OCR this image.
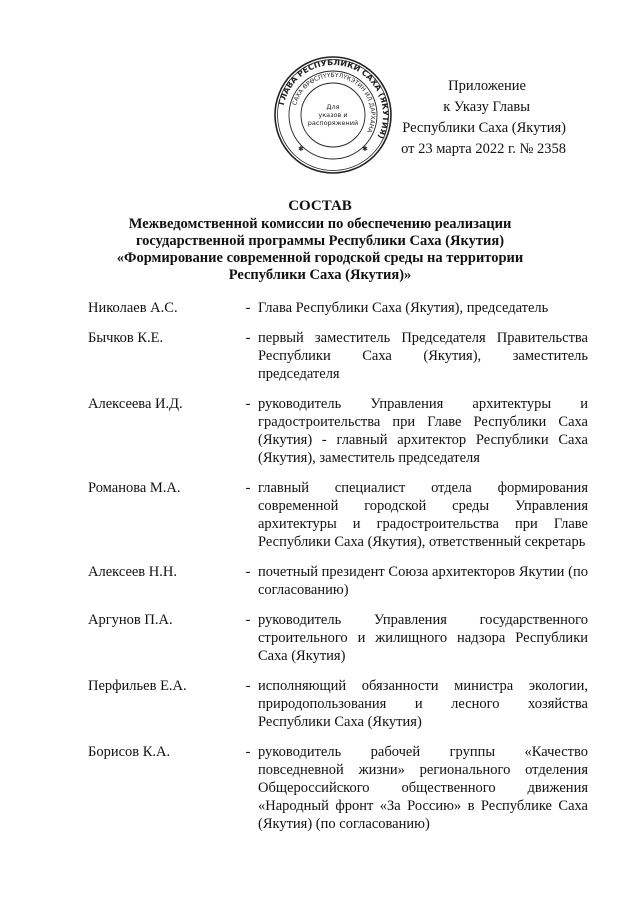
ГЛАВА РЕСПУБЛИКИ САХА (ЯКУТИЯ)
САХА ӨРӨСПҮҮБҮЛҮКЭТИН ИЛ ДАРХАНА
Для
указов и
распоряжений
✱	✱
Приложение
к Указу Главы
Республики Саха (Якутия)
от 23 марта 2022 г. № 2358
СОСТАВ
Межведомственной комиссии по обеспечению реализации
государственной программы Республики Саха (Якутия)
«Формирование современной городской среды на территории
Республики Саха (Якутия)»
Николаев А.С.	- Глава Республики Саха (Якутия), председатель
Бычков К.Е.	- первый заместитель Председателя Правительства Республики Саха (Якутия), заместитель председателя
Алексеева И.Д.	- руководитель Управления архитектуры и градостроительства при Главе Республики Саха (Якутия) - главный архитектор Республики Саха (Якутия), заместитель председателя
Романова М.А.	- главный специалист отдела формирования современной городской среды Управления архитектуры и градостроительства при Главе Республики Саха (Якутия), ответственный секретарь
Алексеев Н.Н.	- почетный президент Союза архитекторов Якутии (по согласованию)
Аргунов П.А.	- руководитель Управления государственного строительного и жилищного надзора Республики Саха (Якутия)
Перфильев Е.А.	- исполняющий обязанности министра экологии, природопользования и лесного хозяйства Республики Саха (Якутия)
Борисов К.А.	- руководитель рабочей группы «Качество повседневной жизни» регионального отделения Общероссийского общественного движения «Народный фронт «За Россию» в Республике Саха (Якутия) (по согласованию)
